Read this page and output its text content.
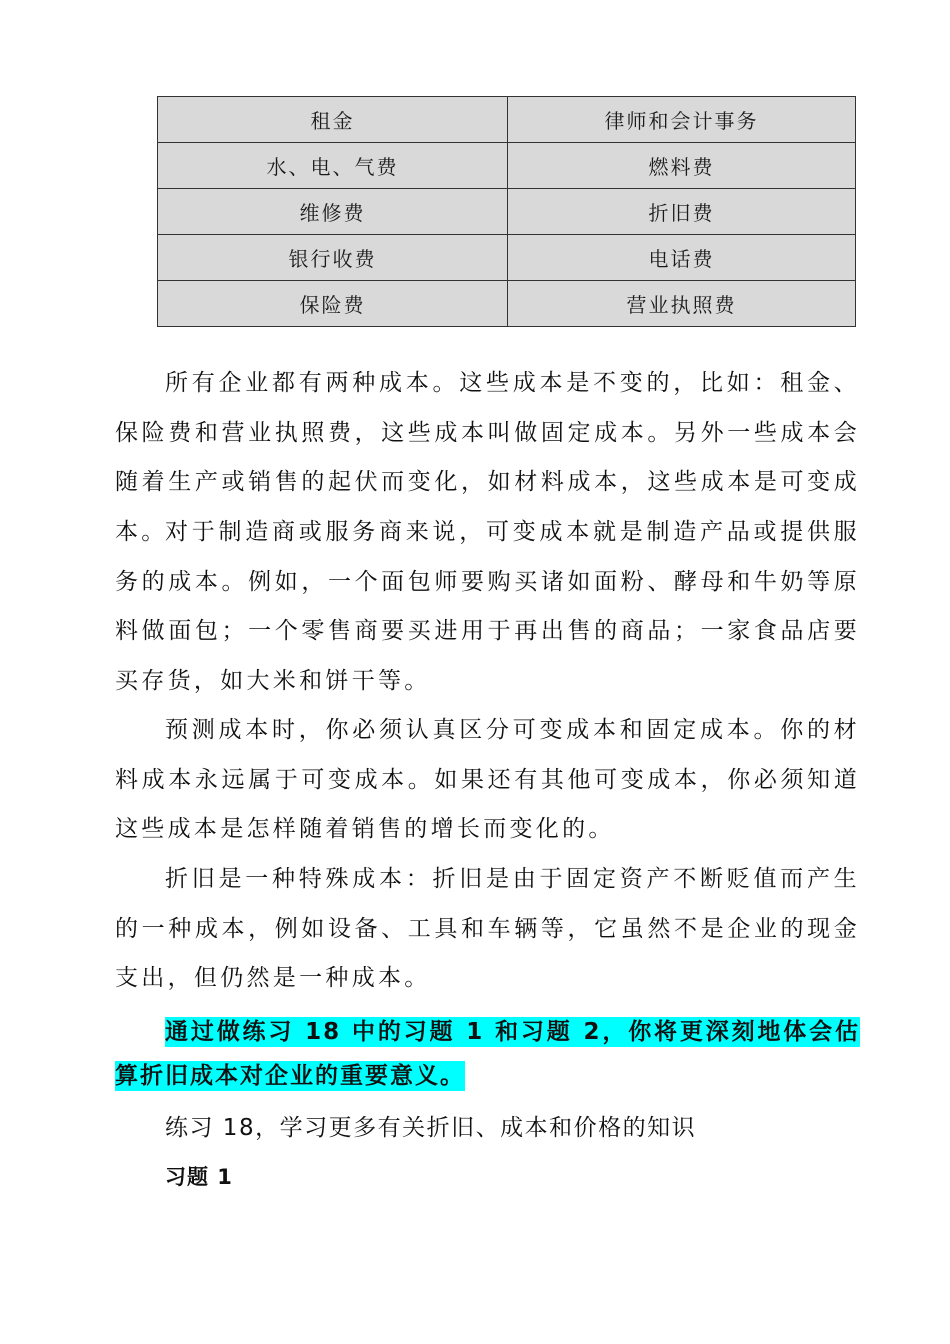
租金	律师和会计事务
水、电、气费	燃料费
维修费	折旧费
银行收费	电话费
保险费	营业执照费

所有企业都有两种成本。这些成本是不变的，比如：租金、保险费和营业执照费，这些成本叫做固定成本。另外一些成本会随着生产或销售的起伏而变化，如材料成本，这些成本是可变成本。

对于制造商或服务商来说，可变成本就是制造产品或提供服务的成本。例如，一个面包师要购买诸如面粉、酵母和牛奶等原料做面包；一个零售商要买进用于再出售的商品；一家食品店要买存货，如大米和饼干等。

预测成本时，你必须认真区分可变成本和固定成本。你的材料成本永远属于可变成本。如果还有其他可变成本，你必须知道这些成本是怎样随着销售的增长而变化的。

折旧是一种特殊成本：折旧是由于固定资产不断贬值而产生的一种成本，例如设备、工具和车辆等，它虽然不是企业的现金支出，但仍然是一种成本。

通过做练习 18 中的习题 1 和习题 2，你将更深刻地体会估算折旧成本对企业的重要意义。

练习 18，学习更多有关折旧、成本和价格的知识

习题 1
